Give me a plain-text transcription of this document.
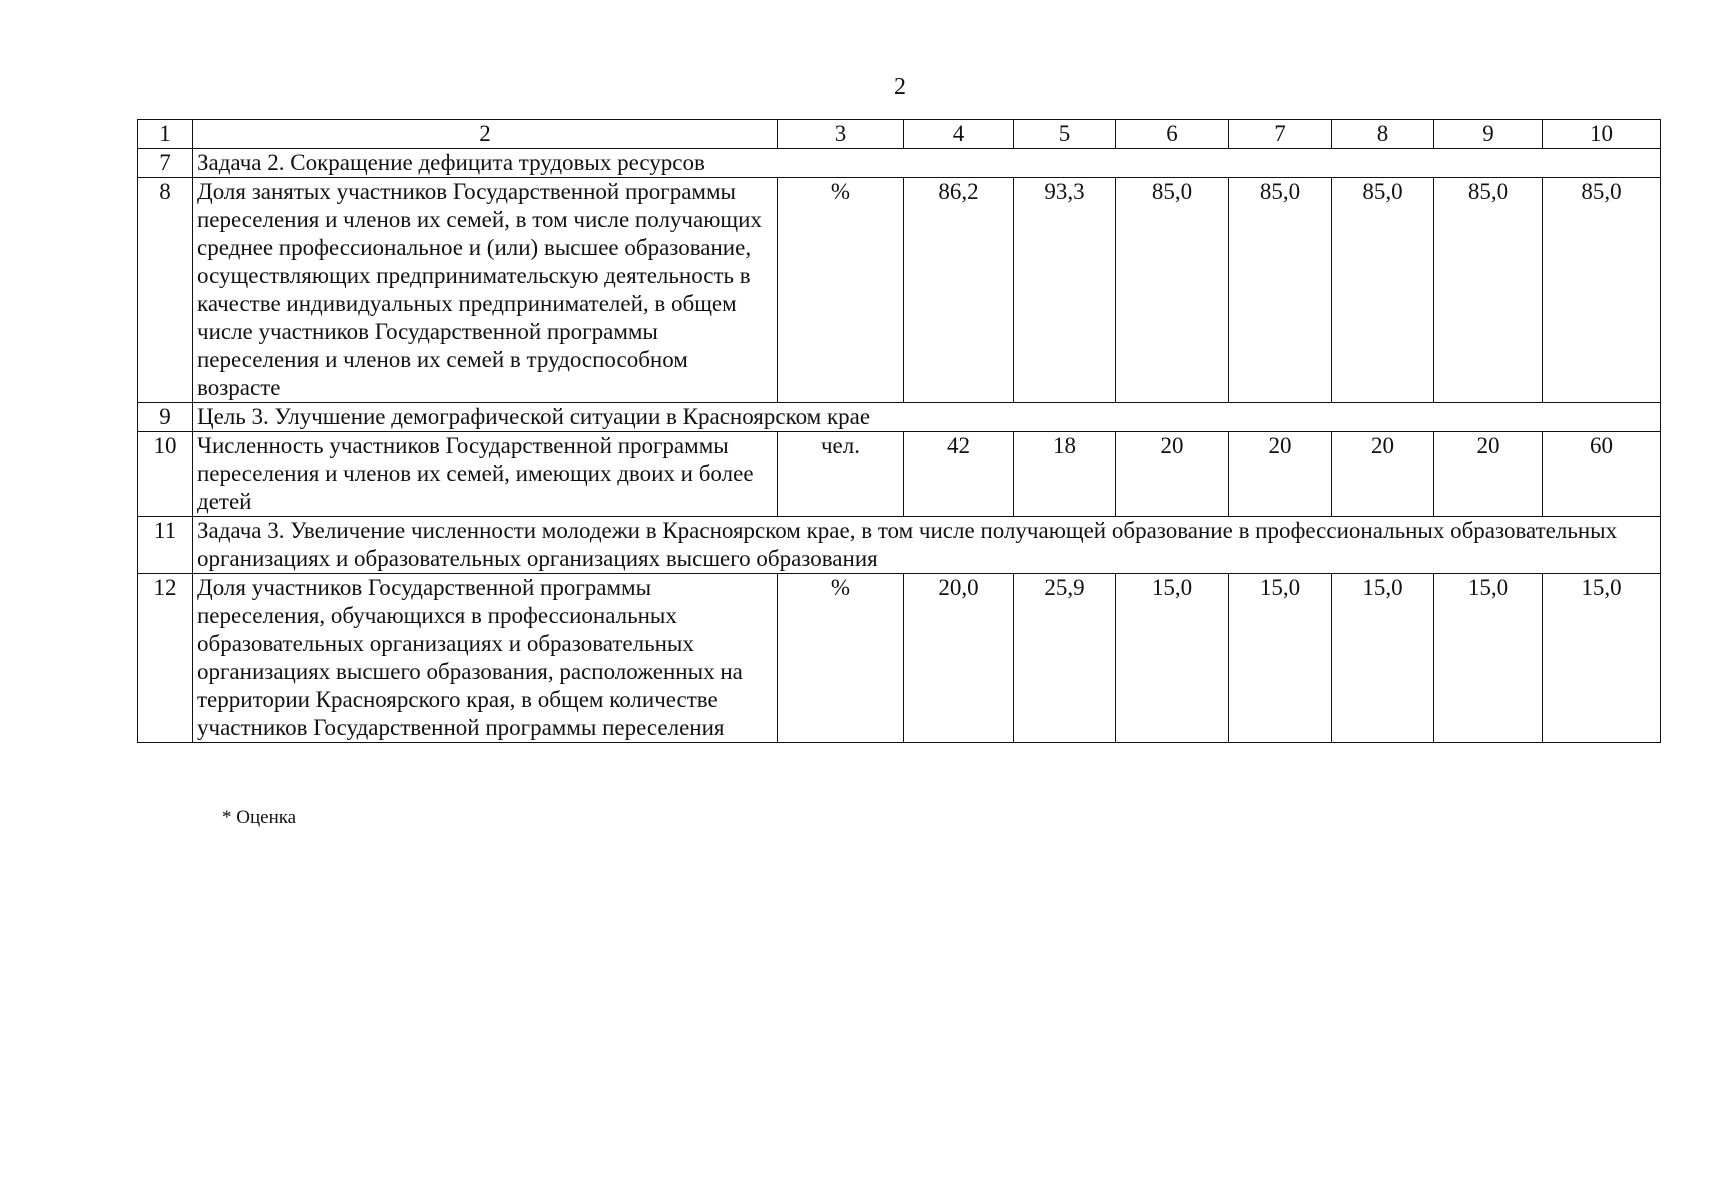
2
1	2	3	4	5	6	7	8	9	10
7	Задача 2. Сокращение дефицита трудовых ресурсов								
8	Доля занятых участников Государственной программы переселения и членов их семей, в том числе получающих среднее профессиональное и (или) высшее образование, осуществляющих предпринимательскую деятельность в качестве индивидуальных предпринимателей, в общем числе участников Государственной программы переселения и членов их семей в трудоспособном возрасте	%	86,2	93,3	85,0	85,0	85,0	85,0	85,0
9	Цель 3. Улучшение демографической ситуации в Красноярском крае								
10	Численность участников Государственной программы переселения и членов их семей, имеющих двоих и более детей	чел.	42	18	20	20	20	20	60
11	Задача 3. Увеличение численности молодежи в Красноярском крае, в том числе получающей образование в профессиональных образовательных организациях и образовательных организациях высшего образования								
12	Доля участников Государственной программы переселения, обучающихся в профессиональных образовательных организациях и образовательных организациях высшего образования, расположенных на территории Красноярского края, в общем количестве участников Государственной программы переселения	%	20,0	25,9	15,0	15,0	15,0	15,0	15,0
* Оценка
